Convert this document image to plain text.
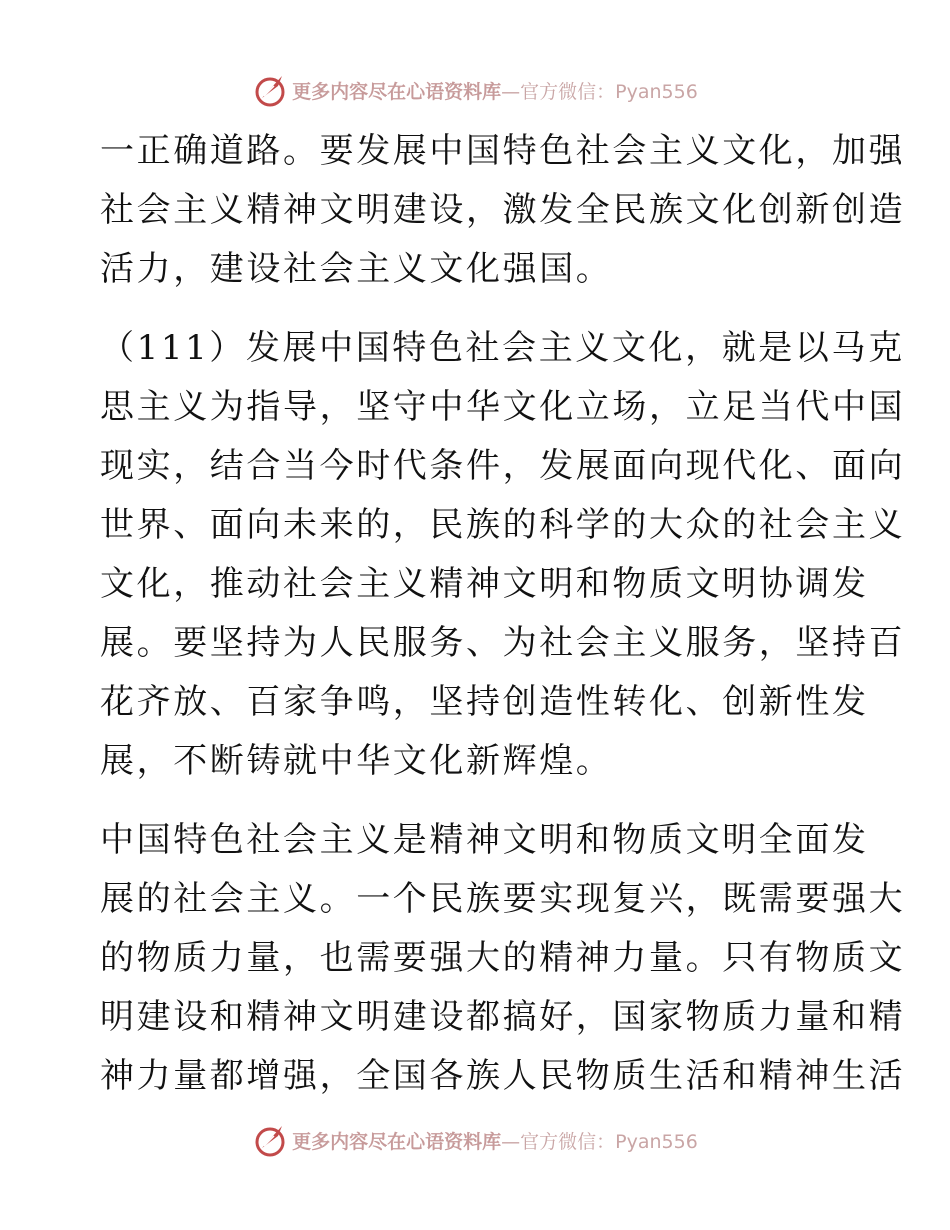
更多内容尽在心语资料库—官方微信：Pyan556
一正确道路。要发展中国特色社会主义文化，加强
社会主义精神文明建设，激发全民族文化创新创造
活力，建设社会主义文化强国。
（111）发展中国特色社会主义文化，就是以马克
思主义为指导，坚守中华文化立场，立足当代中国
现实，结合当今时代条件，发展面向现代化、面向
世界、面向未来的，民族的科学的大众的社会主义
文化，推动社会主义精神文明和物质文明协调发
展。要坚持为人民服务、为社会主义服务，坚持百
花齐放、百家争鸣，坚持创造性转化、创新性发
展，不断铸就中华文化新辉煌。
中国特色社会主义是精神文明和物质文明全面发
展的社会主义。一个民族要实现复兴，既需要强大
的物质力量，也需要强大的精神力量。只有物质文
明建设和精神文明建设都搞好，国家物质力量和精
神力量都增强，全国各族人民物质生活和精神生活
更多内容尽在心语资料库—官方微信：Pyan556
